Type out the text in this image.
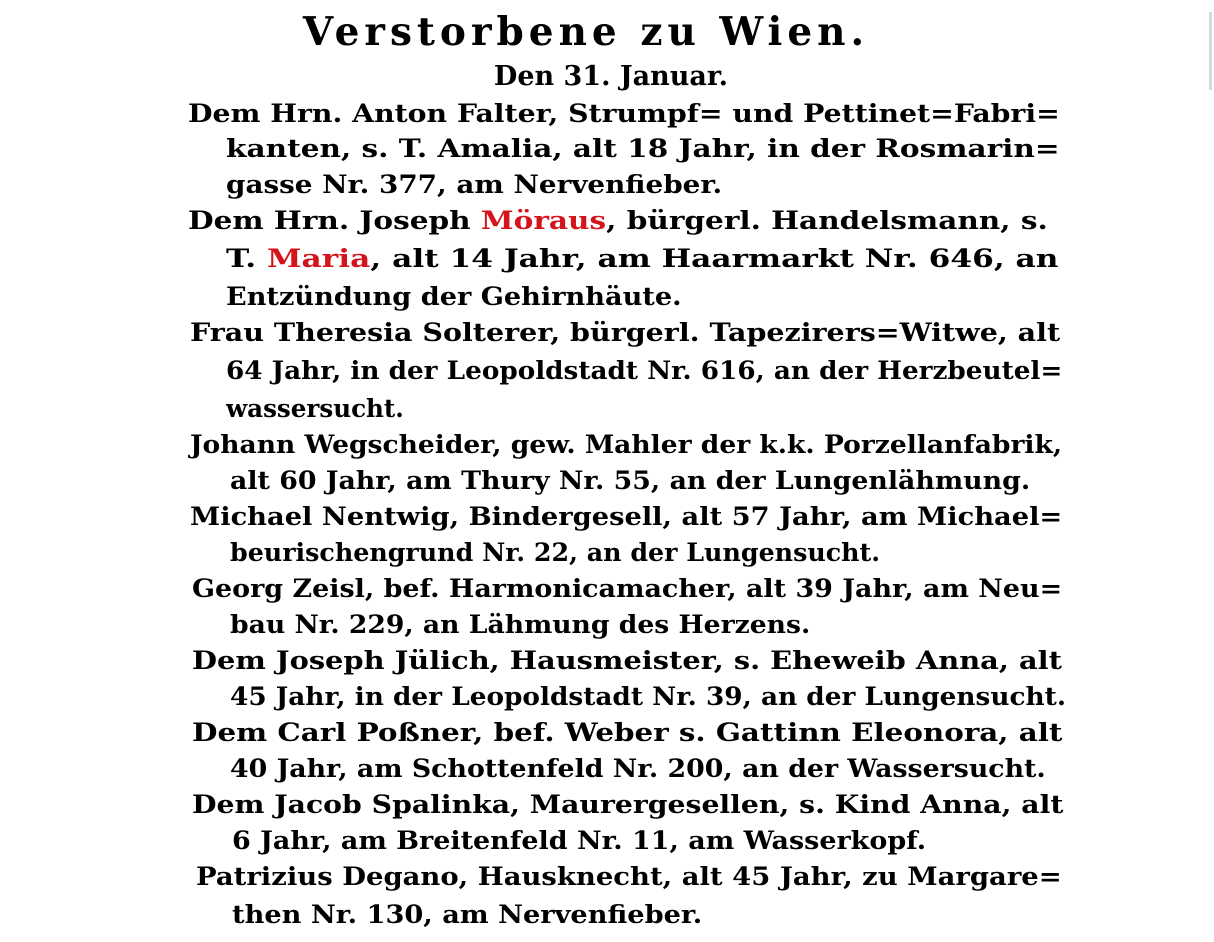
Verstorbene zu Wien.
Den 31. Januar.
Dem Hrn. Anton Falter, Strumpf= und Pettinet=Fabri=
kanten, s. T. Amalia, alt 18 Jahr, in der Rosmarin=
gasse Nr. 377, am Nervenfieber.
Dem Hrn. Joseph Möraus, bürgerl. Handelsmann, s.
T. Maria, alt 14 Jahr, am Haarmarkt Nr. 646, an
Entzündung der Gehirnhäute.
Frau Theresia Solterer, bürgerl. Tapezirers=Witwe, alt
64 Jahr, in der Leopoldstadt Nr. 616, an der Herzbeutel=
wassersucht.
Johann Wegscheider, gew. Mahler der k.k. Porzellanfabrik,
alt 60 Jahr, am Thury Nr. 55, an der Lungenlähmung.
Michael Nentwig, Bindergesell, alt 57 Jahr, am Michael=
beurischengrund Nr. 22, an der Lungensucht.
Georg Zeisl, bef. Harmonicamacher, alt 39 Jahr, am Neu=
bau Nr. 229, an Lähmung des Herzens.
Dem Joseph Jülich, Hausmeister, s. Eheweib Anna, alt
45 Jahr, in der Leopoldstadt Nr. 39, an der Lungensucht.
Dem Carl Poßner, bef. Weber s. Gattinn Eleonora, alt
40 Jahr, am Schottenfeld Nr. 200, an der Wassersucht.
Dem Jacob Spalinka, Maurergesellen, s. Kind Anna, alt
6 Jahr, am Breitenfeld Nr. 11, am Wasserkopf.
Patrizius Degano, Hausknecht, alt 45 Jahr, zu Margare=
then Nr. 130, am Nervenfieber.
